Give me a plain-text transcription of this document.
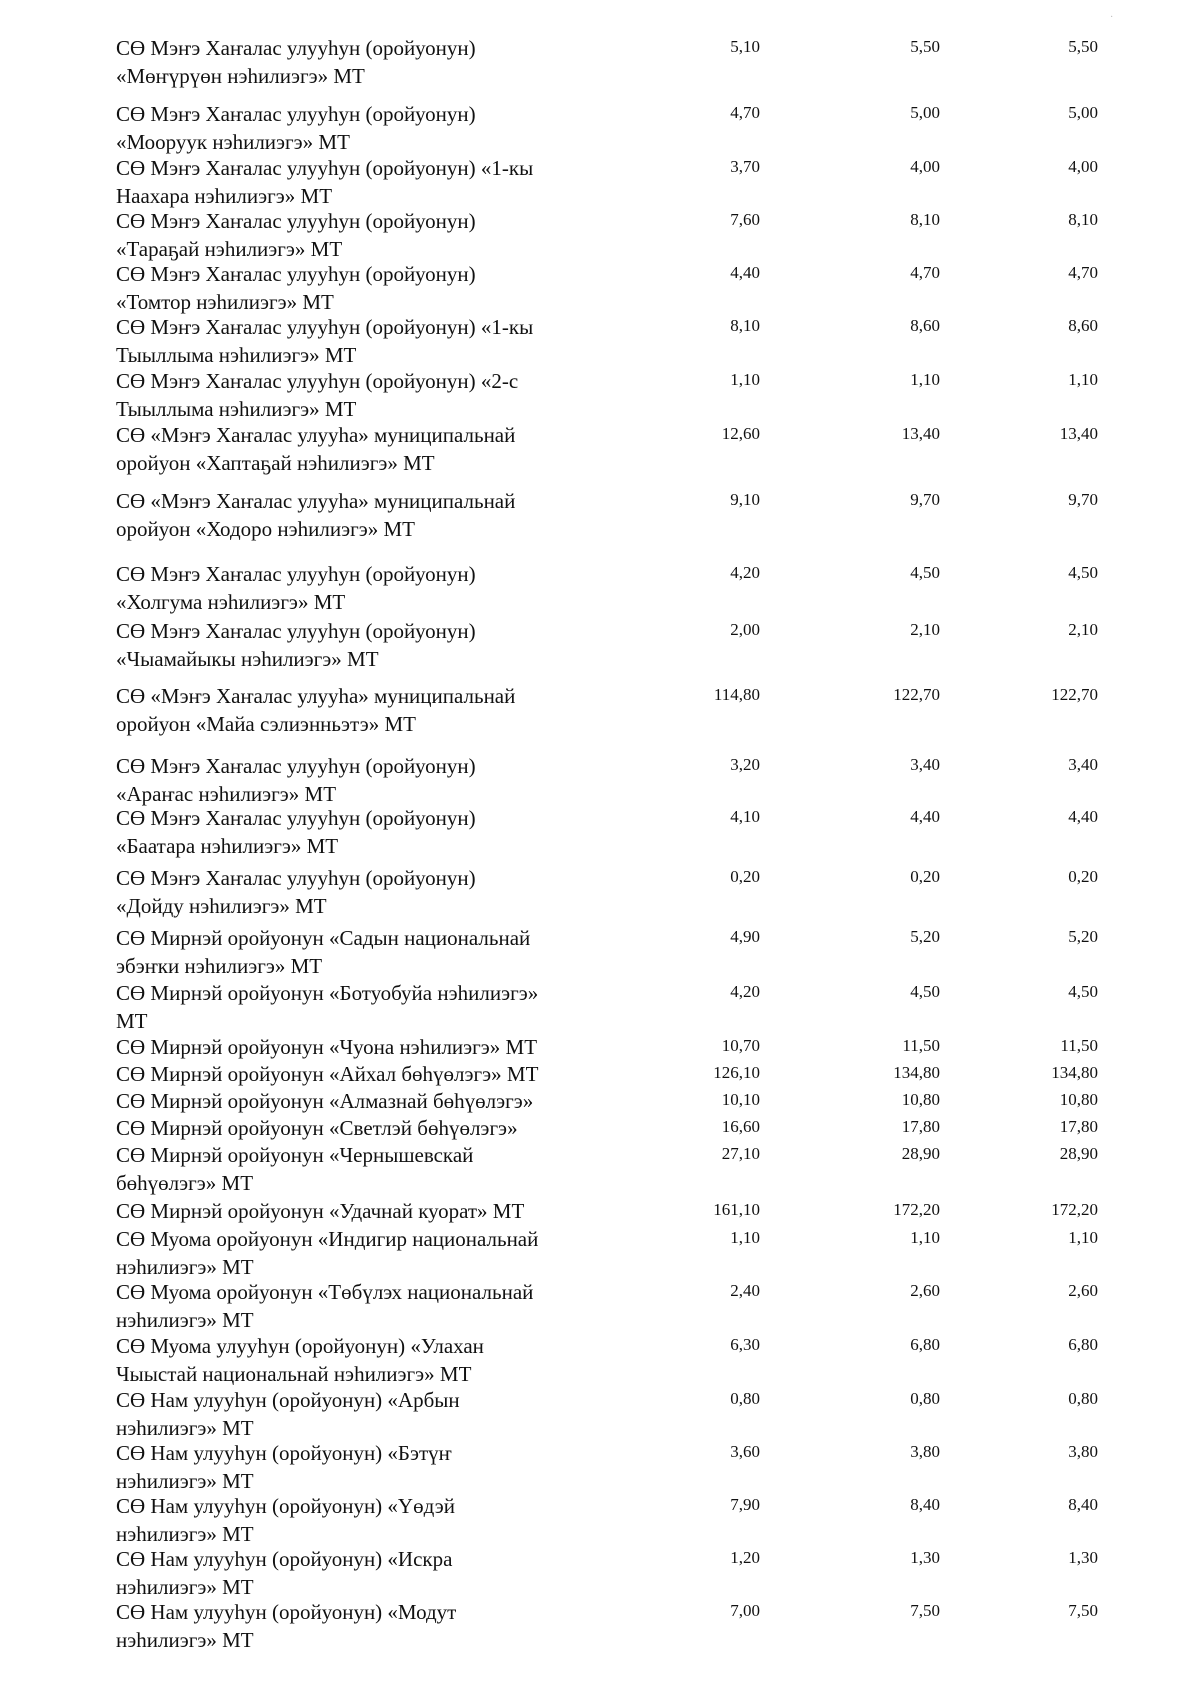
·
СӨ Мэҥэ Хаҥалас улууһун (оройуонун)
«Мөҥүрүөн нэһилиэгэ» МТ
5,10	5,50	5,50
СӨ Мэҥэ Хаҥалас улууһун (оройуонун)
«Мооруук нэһилиэгэ» МТ
4,70	5,00	5,00
СӨ Мэҥэ Хаҥалас улууһун (оройуонун) «1-кы
Наахара нэһилиэгэ» МТ
3,70	4,00	4,00
СӨ Мэҥэ Хаҥалас улууһун (оройуонун)
«Тараҕай нэһилиэгэ» МТ
7,60	8,10	8,10
СӨ Мэҥэ Хаҥалас улууһун (оройуонун)
«Томтор нэһилиэгэ» МТ
4,40	4,70	4,70
СӨ Мэҥэ Хаҥалас улууһун (оройуонун) «1-кы
Тыыллыма нэһилиэгэ» МТ
8,10	8,60	8,60
СӨ Мэҥэ Хаҥалас улууһун (оройуонун) «2-с
Тыыллыма нэһилиэгэ» МТ
1,10	1,10	1,10
СӨ «Мэҥэ Хаҥалас улууһа» муниципальнай
оройуон «Хаптаҕай нэһилиэгэ» МТ
12,60	13,40	13,40
СӨ «Мэҥэ Хаҥалас улууһа» муниципальнай
оройуон «Ходоро нэһилиэгэ» МТ
9,10	9,70	9,70
СӨ Мэҥэ Хаҥалас улууһун (оройуонун)
«Холгума нэһилиэгэ» МТ
4,20	4,50	4,50
СӨ Мэҥэ Хаҥалас улууһун (оройуонун)
«Чыамайыкы нэһилиэгэ» МТ
2,00	2,10	2,10
СӨ «Мэҥэ Хаҥалас улууһа» муниципальнай
оройуон «Майа сэлиэнньэтэ» МТ
114,80	122,70	122,70
СӨ Мэҥэ Хаҥалас улууһун (оройуонун)
«Араҥас нэһилиэгэ» МТ
3,20	3,40	3,40
СӨ Мэҥэ Хаҥалас улууһун (оройуонун)
«Баатара нэһилиэгэ» МТ
4,10	4,40	4,40
СӨ Мэҥэ Хаҥалас улууһун (оройуонун)
«Дойду нэһилиэгэ» МТ
0,20	0,20	0,20
СӨ Мирнэй оройуонун «Садын национальнай
эбэҥки нэһилиэгэ» МТ
4,90	5,20	5,20
СӨ Мирнэй оройуонун «Ботуобуйа нэһилиэгэ»
МТ
4,20	4,50	4,50
СӨ Мирнэй оройуонун «Чуона нэһилиэгэ» МТ	10,70	11,50	11,50
СӨ Мирнэй оройуонун «Айхал бөһүөлэгэ» МТ	126,10	134,80	134,80
СӨ Мирнэй оройуонун «Алмазнай бөһүөлэгэ»	10,10	10,80	10,80
СӨ Мирнэй оройуонун «Светлэй бөһүөлэгэ»	16,60	17,80	17,80
СӨ Мирнэй оройуонун «Чернышевскай
бөһүөлэгэ» МТ
27,10	28,90	28,90
СӨ Мирнэй оройуонун «Удачнай куорат» МТ	161,10	172,20	172,20
СӨ Муома оройуонун «Индигир национальнай
нэһилиэгэ» МТ
1,10	1,10	1,10
СӨ Муома оройуонун «Төбүлэх национальнай
нэһилиэгэ» МТ
2,40	2,60	2,60
СӨ Муома улууһун (оройуонун) «Улахан
Чыыстай национальнай нэһилиэгэ» МТ
6,30	6,80	6,80
СӨ Нам улууһун (оройуонун) «Арбын
нэһилиэгэ» МТ
0,80	0,80	0,80
СӨ Нам улууһун (оройуонун) «Бэтүҥ
нэһилиэгэ» МТ
3,60	3,80	3,80
СӨ Нам улууһун (оройуонун) «Үөдэй
нэһилиэгэ» МТ
7,90	8,40	8,40
СӨ Нам улууһун (оройуонун) «Искра
нэһилиэгэ» МТ
1,20	1,30	1,30
СӨ Нам улууһун (оройуонун) «Модут
нэһилиэгэ» МТ
7,00	7,50	7,50
